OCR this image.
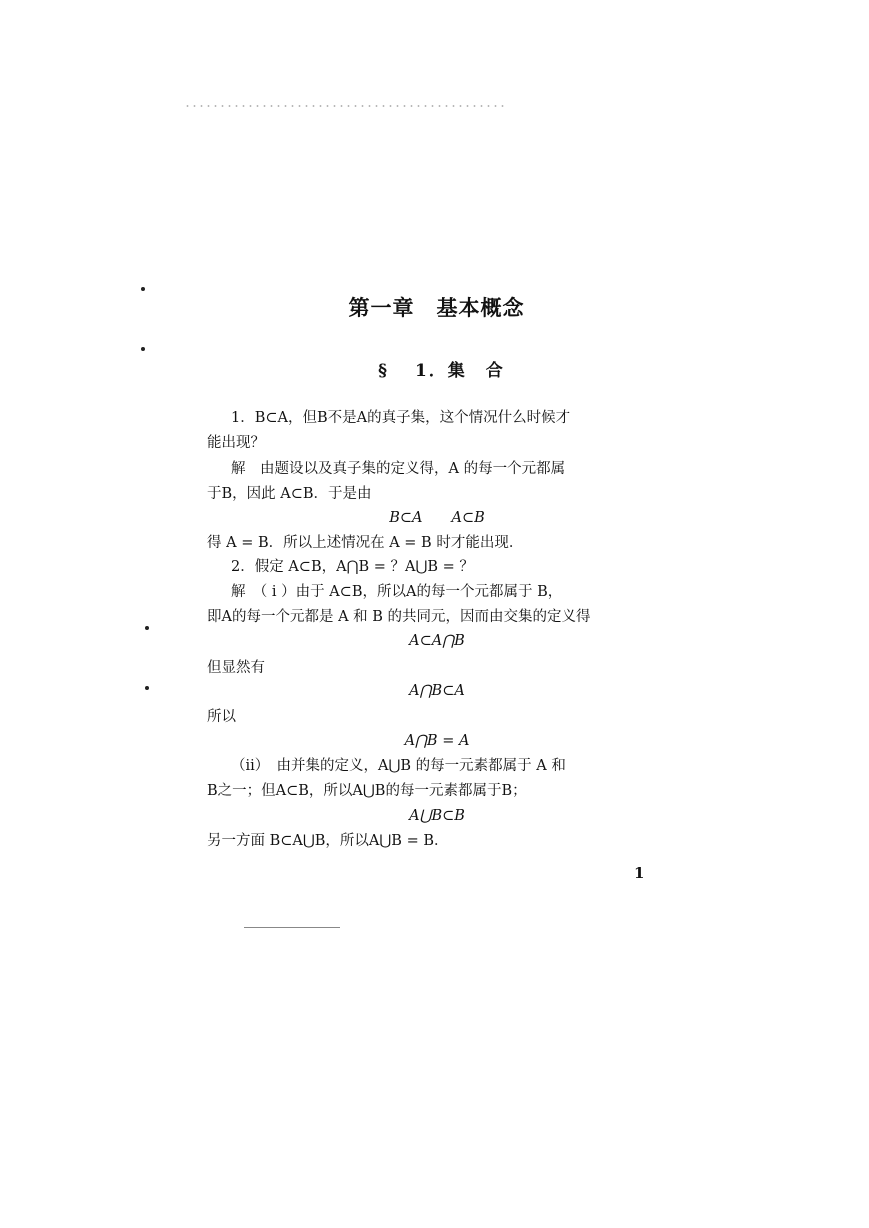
第一章　基本概念
§ 1．集　合
1．B⊂A，但B不是A的真子集，这个情况什么时候才
能出现？
解　由题设以及真子集的定义得，A 的每一个元都属
于B，因此 A⊂B．于是由
B⊂A　　A⊂B
得 A = B．所以上述情况在 A = B 时才能出现．
2．假定 A⊂B，A⋂B = ？A⋃B = ？
解　（ i ）由于 A⊂B，所以A的每一个元都属于 B，
即A的每一个元都是 A 和 B 的共同元，因而由交集的定义得
A⊂A⋂B
但显然有
A⋂B⊂A
所以
A⋂B = A
（ii）　由并集的定义，A⋃B 的每一元素都属于 A 和
B之一；但A⊂B，所以A⋃B的每一元素都属于B；
A⋃B⊂B
另一方面 B⊂A⋃B，所以A⋃B = B．
1
